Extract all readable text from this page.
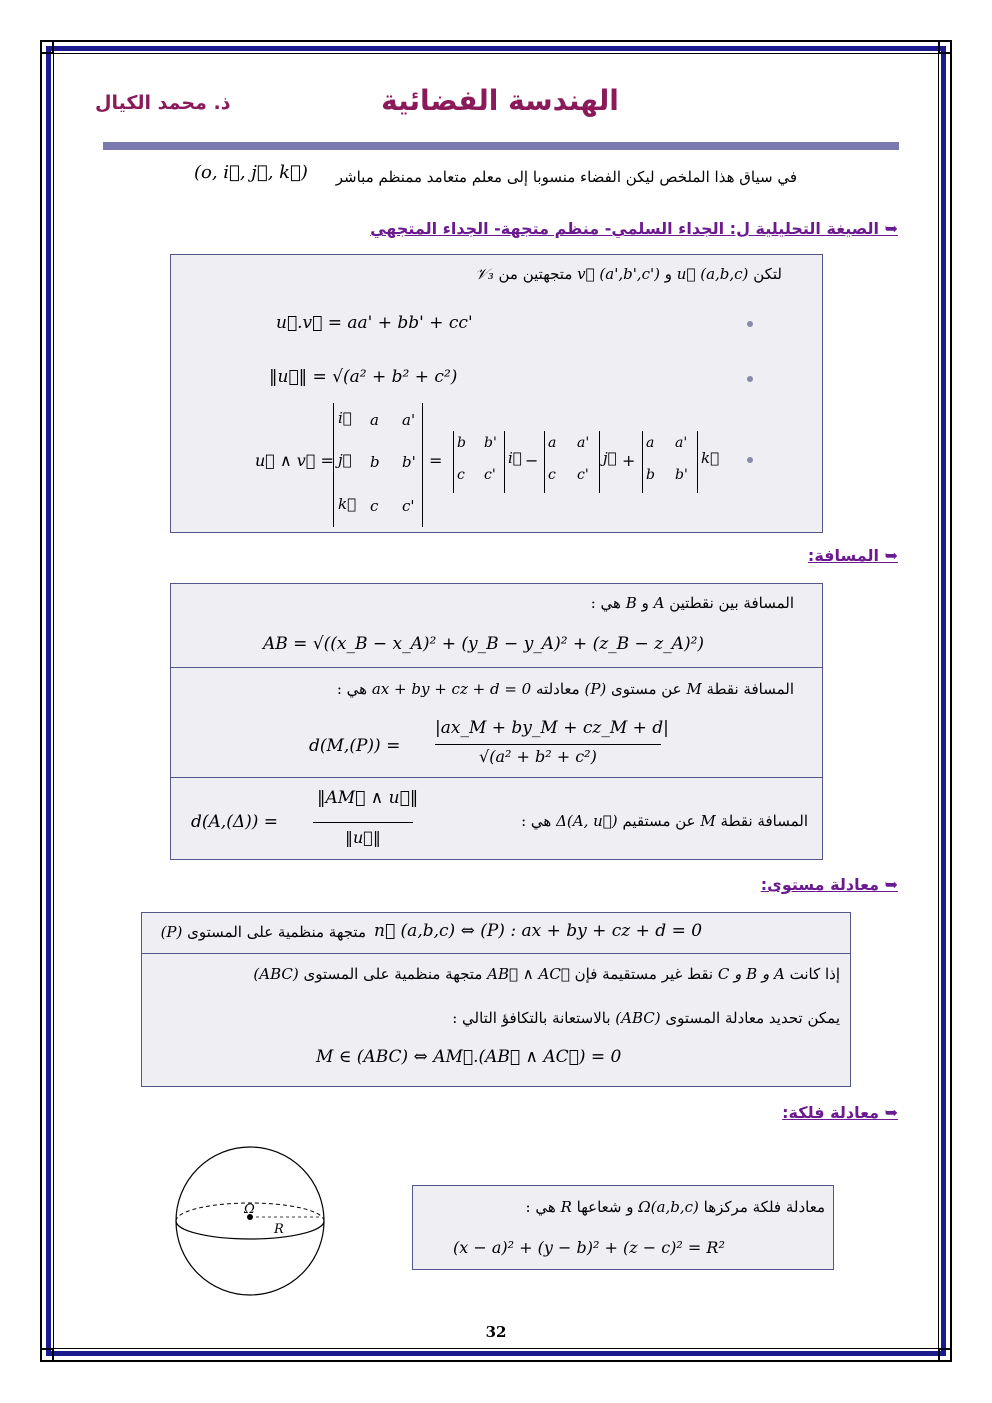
ذ. محمد الكيال	الهندسة الفضائية
في سياق هذا الملخص ليكن الفضاء منسوبا إلى معلم متعامد ممنظم مباشر
(o, i⃗, j⃗, k⃗)
➥ الصيغة التحليلية ل: الجداء السلمي- منظم متجهة- الجداء المتجهي
لتكن u⃗ (a,b,c) و v⃗ (a',b',c') متجهتين من 𝒱₃
u⃗.v⃗ = aa' + bb' + cc'
‖u⃗‖ = √(a² + b² + c²)
u⃗ ∧ v⃗ =
i⃗ a a'
j⃗ b b'
k⃗ c c'
=
b b'
c c'
i⃗ −
a a'
c c'
j⃗ +
a a'
b b'
k⃗
➥ المسافة:
المسافة بين نقطتين A و B هي :
AB = √((x_B − x_A)² + (y_B − y_A)² + (z_B − z_A)²)
المسافة نقطة M عن مستوى (P) معادلته ax + by + cz + d = 0 هي :
d(M,(P)) =
|ax_M + by_M + cz_M + d|
√(a² + b² + c²)
المسافة نقطة M عن مستقيم Δ(A, u⃗) هي :
d(A,(Δ)) =
‖AM⃗ ∧ u⃗‖
‖u⃗‖
➥ معادلة مستوى:
n⃗ (a,b,c) ⇔ (P) : ax + by + cz + d = 0
متجهة منظمية على المستوى (P)
إذا كانت A و B و C نقط غير مستقيمة فإن AB⃗ ∧ AC⃗ متجهة منظمية على المستوى (ABC)
يمكن تحديد معادلة المستوى (ABC) بالاستعانة بالتكافؤ التالي :
M ∈ (ABC) ⇔ AM⃗.(AB⃗ ∧ AC⃗) = 0
➥ معادلة فلكة:
Ω
R
معادلة فلكة مركزها Ω(a,b,c) و شعاعها R هي :
(x − a)² + (y − b)² + (z − c)² = R²
32
